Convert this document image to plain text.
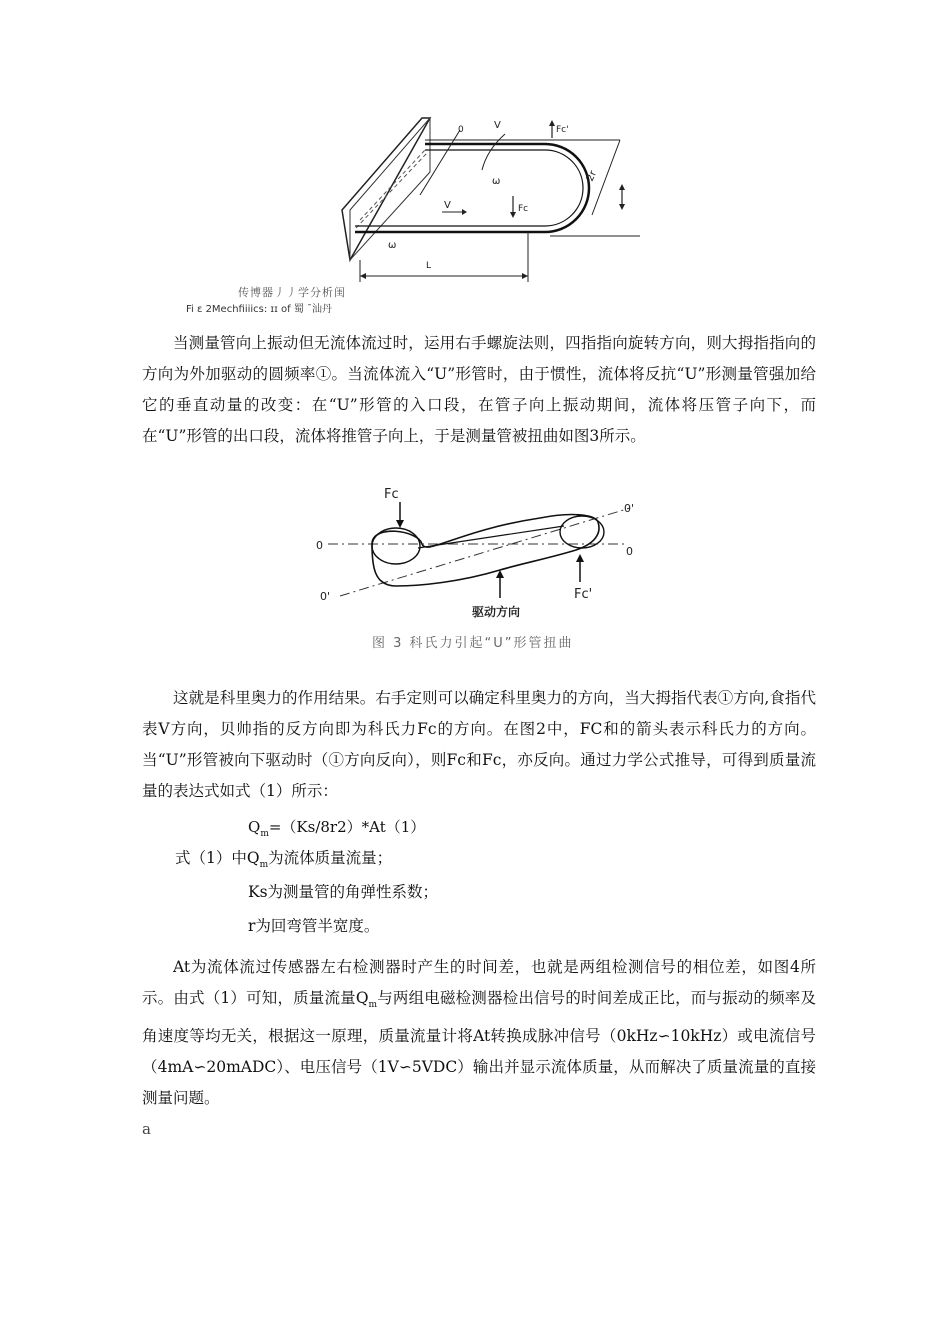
0	V	Fc'
ω	2r
V	Fc
ω
L
传博器丿丿学分析闺
Fi ε 2Mechfiiiics: ɪɪ of 蜀 ˉ汕丹

当测量管向上振动但无流体流过时，运用右手螺旋法则，四指指向旋转方向，则大拇指指向的方向为外加驱动的圆频率①。当流体流入“U”形管时，由于惯性，流体将反抗“U”形测量管强加给它的垂直动量的改变：在“U”形管的入口段，在管子向上振动期间，流体将压管子向下，而在“U”形管的出口段，流体将推管子向上，于是测量管被扭曲如图3所示。

Fc
0'
0	0
0'	Fc'
驱动方向
图 3 科氏力引起“U”形管扭曲

这就是科里奥力的作用结果。右手定则可以确定科里奥力的方向，当大拇指代表①方向,食指代表V方向，贝帅指的反方向即为科氏力Fc的方向。在图2中，FC和的箭头表示科氏力的方向。当“U”形管被向下驱动时（①方向反向），则Fc和Fc，亦反向。通过力学公式推导，可得到质量流量的表达式如式（1）所示：

$Q_m=(Ks/8r2)*At(1)$
式（1）中$Q_m$为流体质量流量；
Ks为测量管的角弹性系数；
r为回弯管半宽度。

At为流体流过传感器左右检测器时产生的时间差，也就是两组检测信号的相位差，如图4所示。由式（1）可知，质量流量$Q_m$与两组电磁检测器检出信号的时间差成正比，而与振动的频率及角速度等均无关，根据这一原理，质量流量计将At转换成脉冲信号（0kHz∽10kHz）或电流信号（4mA∽20mADC）、电压信号（1V∽5VDC）输出并显示流体质量，从而解决了质量流量的直接测量问题。

a
